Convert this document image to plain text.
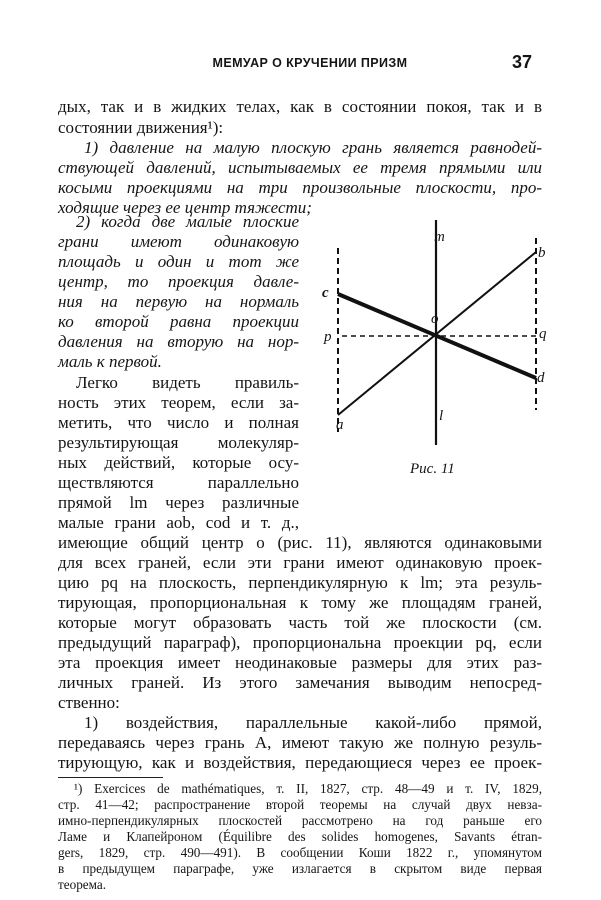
МЕМУАР О КРУЧЕНИИ ПРИЗМ	37
дых, так и в жидких телах, как в состоянии покоя, так и в
состоянии движения¹):
1) давление на малую плоскую грань является равнодей-
ствующей давлений, испытываемых ее тремя прямыми или
косыми проекциями на три произвольные плоскости, про-
ходящие через ее центр тяжести;
2) когда две малые плоские
грани имеют одинаковую
площадь и один и тот же
центр, то проекция давле-
ния на первую на нормаль
ко второй равна проекции
давления на вторую на нор-
маль к первой.
Легко видеть правиль-
ность этих теорем, если за-
метить, что число и полная
результирующая молекуляр-
ных действий, которые осу-
ществляются параллельно
прямой lm через различные
малые грани aob, cod и т. д.,
имеющие общий центр o (рис. 11), являются одинаковыми
для всех граней, если эти грани имеют одинаковую проек-
цию pq на плоскость, перпендикулярную к lm; эта резуль-
тирующая, пропорциональная к тому же площадям граней,
которые могут образовать часть той же плоскости (см.
предыдущий параграф), пропорциональна проекции pq, если
эта проекция имеет неодинаковые размеры для этих раз-
личных граней. Из этого замечания выводим непосред-
ственно:
1) воздействия, параллельные какой-либо прямой,
передаваясь через грань A, имеют такую же полную резуль-
тирующую, как и воздействия, передающиеся чeрез ее проек-
¹) Exercices de mathématiques, т. II, 1827, стр. 48—49 и т. IV, 1829,
стр. 41—42; распространение второй теоремы на случай двух невза-
имно-перпендикулярных плоскостей рассмотрено на год раньше его
Ламе и Клапейроном (Équilibre des solides homogenes, Savants étran-
gers, 1829, стр. 490—491). В сообщении Коши 1822 г., упомянутом
в предыдущем параграфе, уже излагается в скрытом виде первая
теорема.
m
b
c
o
p	q
d
a
l
Рис. 11
